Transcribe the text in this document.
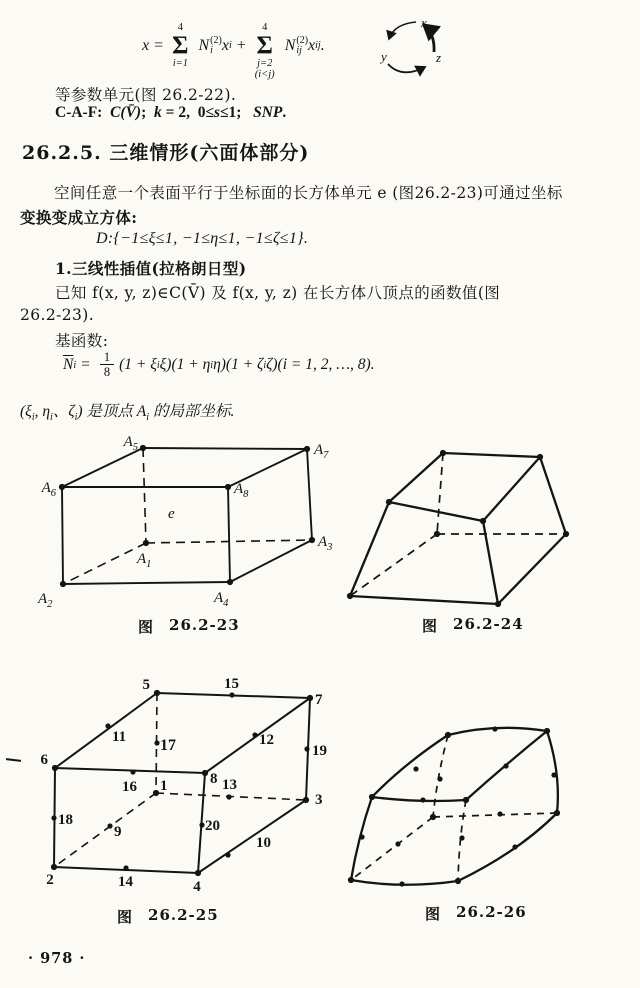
x =
4
Σ
i=1
N (2)
i x i +
4
Σ
j=2
(i<j)
N (2)
ij x ij .
x
y	z
等参数单元(图 26.2-22).
C-A-F:  C(V̄);  k = 2,  0≤s≤1;   SNP.
26.2.5. 三维情形(六面体部分)
空间任意一个表面平行于坐标面的长方体单元 e (图26.2-23)可通过坐标
变换变成立方体:
D:{−1≤ξ≤1, −1≤η≤1, −1≤ζ≤1}.
1.三线性插值(拉格朗日型)
已知 f(x, y, z)∈C(V̄) 及 f(x, y, z) 在长方体八顶点的函数值(图
26.2-23).
基函数:
$\overline{N}$ $i = \frac{1}{8} (1 + \xi$ i ξ)(1 + η i η)(1 + ζ i ζ) (i = 1, 2, …, 8).
($\xi_i$, $\eta_i$、$\zeta_i$) 是顶点 $A_i$ 的局部坐标.
$A_5$	$A_7$
$A_6$	$A_8$
$A_1$
$A_3$
$A_2$	$A_4$
e
图 26.2-23	图 26.2-24
1
2
3
4
5
6
7
8
9
10
11	12
13
14
15
16
17
18
19
20
图 26.2-25	图 26.2-26
· 978 ·
